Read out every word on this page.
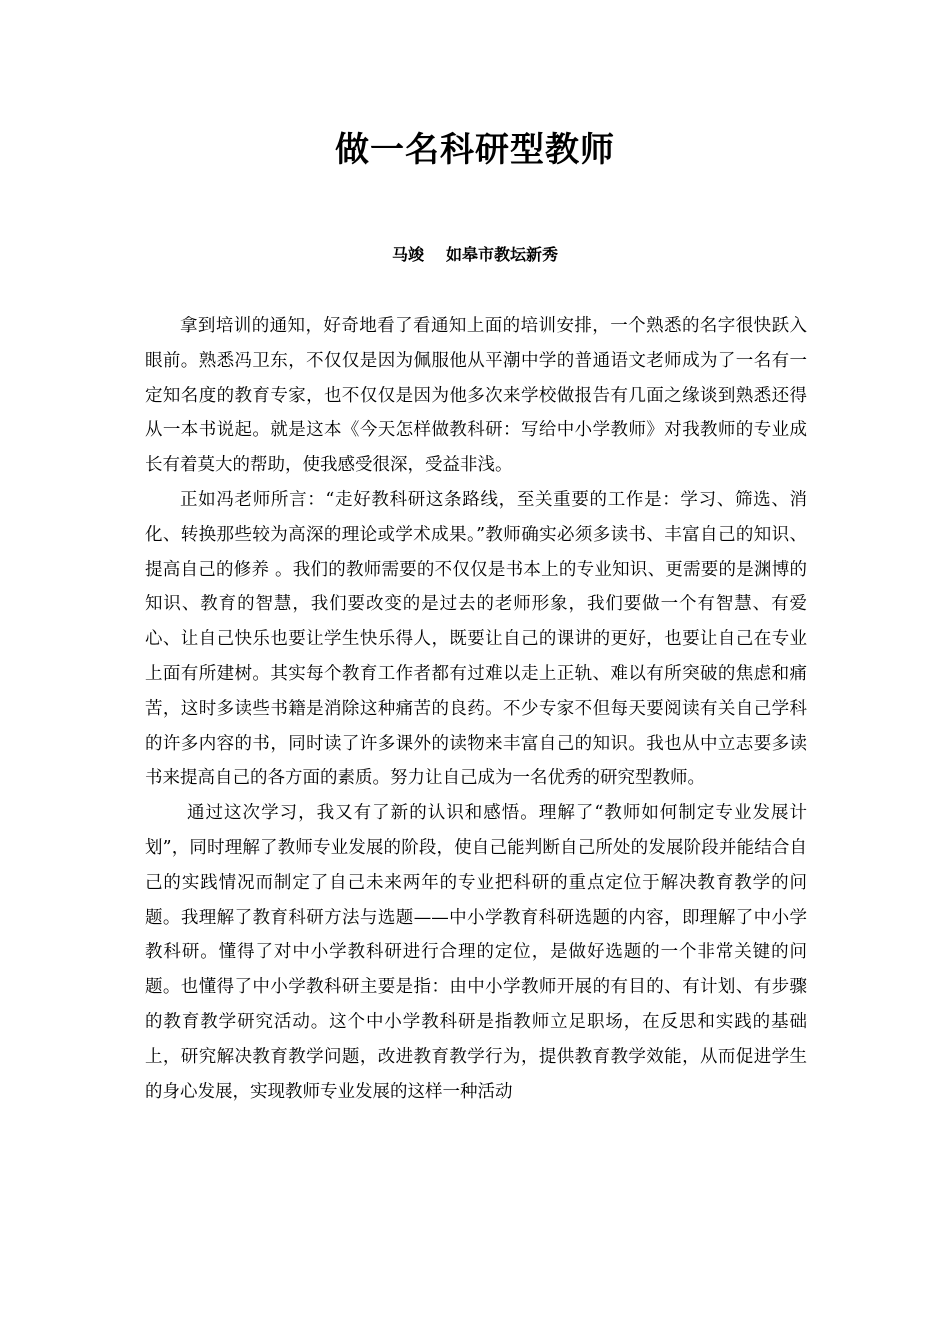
做一名科研型教师
马竣 如皋市教坛新秀

拿到培训的通知，好奇地看了看通知上面的培训安排，一个熟悉的名字很快跃入眼前。熟悉冯卫东，不仅仅是因为佩服他从平潮中学的普通语文老师成为了一名有一定知名度的教育专家，也不仅仅是因为他多次来学校做报告有几面之缘谈到熟悉还得从一本书说起。就是这本《今天怎样做教科研：写给中小学教师》对我教师的专业成长有着莫大的帮助，使我感受很深，受益非浅。

正如冯老师所言：“走好教科研这条路线，至关重要的工作是：学习、筛选、消化、转换那些较为高深的理论或学术成果。”教师确实必须多读书、丰富自己的知识、提高自己的修养 。我们的教师需要的不仅仅是书本上的专业知识、更需要的是渊博的知识、教育的智慧，我们要改变的是过去的老师形象，我们要做一个有智慧、有爱心、让自己快乐也要让学生快乐得人，既要让自己的课讲的更好，也要让自己在专业上面有所建树。其实每个教育工作者都有过难以走上正轨、难以有所突破的焦虑和痛苦，这时多读些书籍是消除这种痛苦的良药。不少专家不但每天要阅读有关自己学科的许多内容的书，同时读了许多课外的读物来丰富自己的知识。我也从中立志要多读书来提高自己的各方面的素质。努力让自己成为一名优秀的研究型教师。

通过这次学习，我又有了新的认识和感悟。理解了“教师如何制定专业发展计划”，同时理解了教师专业发展的阶段，使自己能判断自己所处的发展阶段并能结合自己的实践情况而制定了自己未来两年的专业把科研的重点定位于解决教育教学的问题。我理解了教育科研方法与选题——中小学教育科研选题的内容，即理解了中小学教科研。懂得了对中小学教科研进行合理的定位，是做好选题的一个非常关键的问题。也懂得了中小学教科研主要是指：由中小学教师开展的有目的、有计划、有步骤的教育教学研究活动。这个中小学教科研是指教师立足职场，在反思和实践的基础上，研究解决教育教学问题，改进教育教学行为，提供教育教学效能，从而促进学生的身心发展，实现教师专业发展的这样一种活动
